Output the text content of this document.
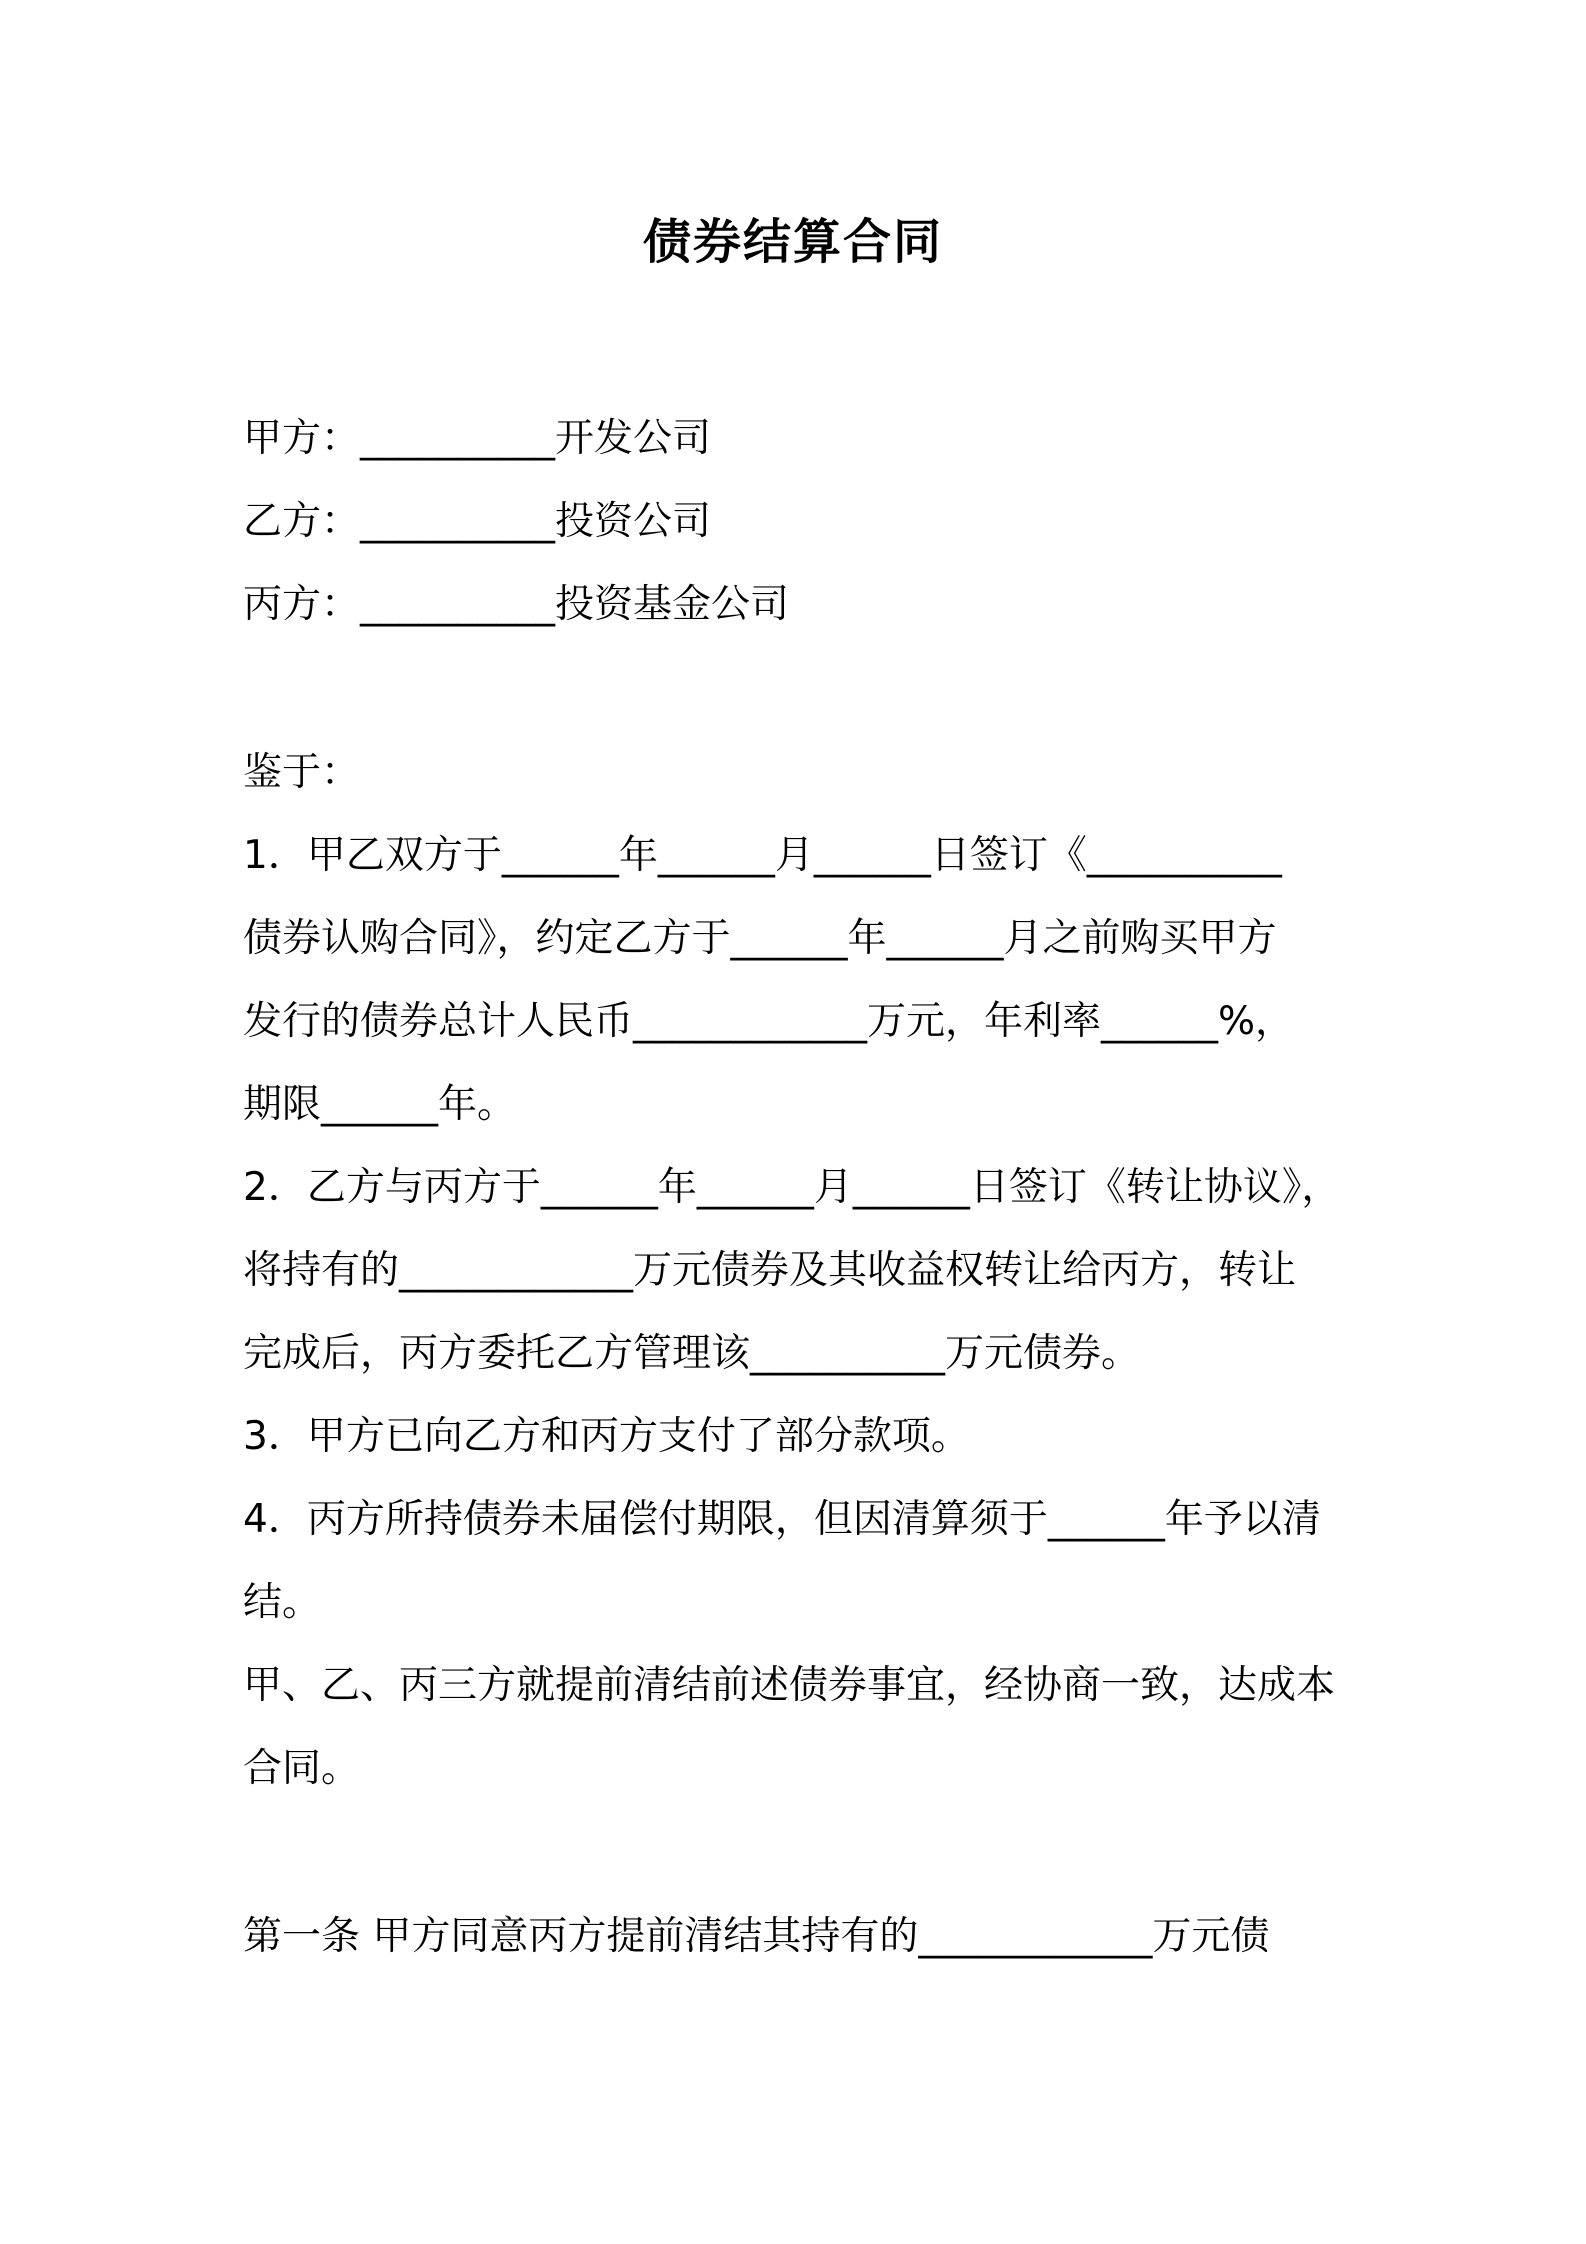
债券结算合同
甲方：__________开发公司
乙方：__________投资公司
丙方：__________投资基金公司
鉴于：
1．甲乙双方于______年______月______日签订《__________
债券认购合同》，约定乙方于______年______月之前购买甲方
发行的债券总计人民币____________万元，年利率______%，
期限______年。
2．乙方与丙方于______年______月______日签订《转让协议》，
将持有的____________万元债券及其收益权转让给丙方，转让
完成后，丙方委托乙方管理该__________万元债券。
3．甲方已向乙方和丙方支付了部分款项。
4．丙方所持债券未届偿付期限，但因清算须于______年予以清
结。
甲、乙、丙三方就提前清结前述债券事宜，经协商一致，达成本
合同。
第一条 甲方同意丙方提前清结其持有的____________万元债
